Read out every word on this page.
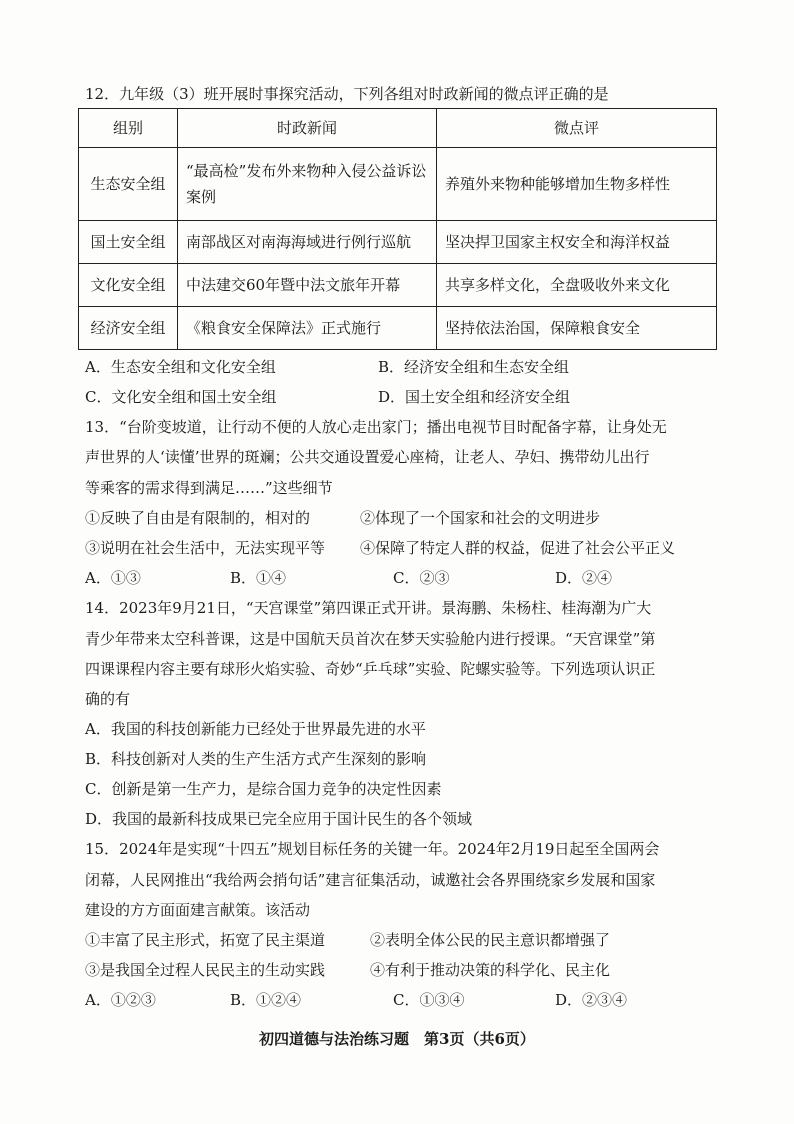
12．九年级（3）班开展时事探究活动，下列各组对时政新闻的微点评正确的是
组别	时政新闻	微点评
生态安全组	“最高检”发布外来物种入侵公益诉讼案例	养殖外来物种能够增加生物多样性
国土安全组	南部战区对南海海域进行例行巡航	坚决捍卫国家主权安全和海洋权益
文化安全组	中法建交60年暨中法文旅年开幕	共享多样文化，全盘吸收外来文化
经济安全组	《粮食安全保障法》正式施行	坚持依法治国，保障粮食安全
A．生态安全组和文化安全组	B．经济安全组和生态安全组
C．文化安全组和国土安全组	D．国土安全组和经济安全组
13．“台阶变坡道，让行动不便的人放心走出家门；播出电视节目时配备字幕，让身处无
声世界的人‘读懂’世界的斑斓；公共交通设置爱心座椅，让老人、孕妇、携带幼儿出行
等乘客的需求得到满足……”这些细节
①反映了自由是有限制的，相对的	②体现了一个国家和社会的文明进步
③说明在社会生活中，无法实现平等 ④保障了特定人群的权益，促进了社会公平正义
A．①③	B．①④	C．②③	D．②④
14．2023年9月21日，“天宫课堂”第四课正式开讲。景海鹏、朱杨柱、桂海潮为广大
青少年带来太空科普课，这是中国航天员首次在梦天实验舱内进行授课。“天宫课堂”第
四课课程内容主要有球形火焰实验、奇妙“乒乓球”实验、陀螺实验等。下列选项认识正
确的有
A．我国的科技创新能力已经处于世界最先进的水平
B．科技创新对人类的生产生活方式产生深刻的影响
C．创新是第一生产力，是综合国力竞争的决定性因素
D．我国的最新科技成果已完全应用于国计民生的各个领域
15．2024年是实现“十四五”规划目标任务的关键一年。2024年2月19日起至全国两会
闭幕，人民网推出“我给两会捎句话”建言征集活动，诚邀社会各界围绕家乡发展和国家
建设的方方面面建言献策。该活动
①丰富了民主形式，拓宽了民主渠道	②表明全体公民的民主意识都增强了
③是我国全过程人民民主的生动实践	④有利于推动决策的科学化、民主化
A．①②③	B．①②④	C．①③④	D．②③④
初四道德与法治练习题　第3页（共6页）
